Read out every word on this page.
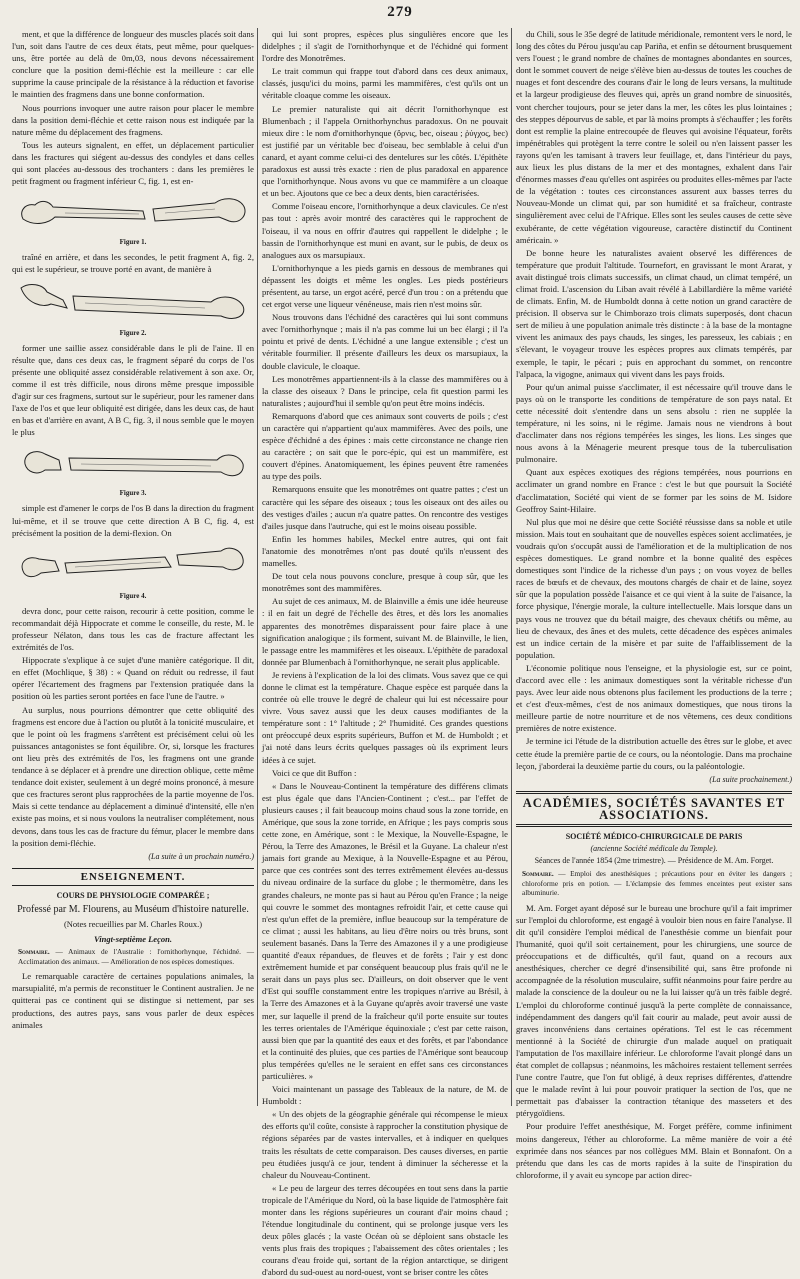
279

ment, et que la différence de longueur des muscles placés soit dans l'un, soit dans l'autre de ces deux états, peut même, pour quelques-uns, être portée au delà de 0m,03, nous devons nécessairement conclure que la position demi-fléchie est la meilleure : car elle supprime la cause principale de la résistance à la réduction et favorise le maintien des fragmens dans une bonne conformation.

Nous pourrions invoquer une autre raison pour placer le membre dans la position demi-fléchie et cette raison nous est indiquée par la nature même du déplacement des fragmens.

Tous les auteurs signalent, en effet, un déplacement particulier dans les fractures qui siégent au-dessus des condyles et dans celles qui sont placées au-dessous des trochanters : dans les premières le petit fragment ou fragment inférieur C, fig. 1, est en-

Figure 1.

traîné en arrière, et dans les secondes, le petit fragment A, fig. 2, qui est le supérieur, se trouve porté en avant, de manière à

Figure 2.

former une saillie assez considérable dans le pli de l'aine. Il en résulte que, dans ces deux cas, le fragment séparé du corps de l'os présente une obliquité assez considérable relativement à son axe. Or, comme il est très difficile, nous dirons même presque impossible d'agir sur ces fragmens, surtout sur le supérieur, pour les ramener dans l'axe de l'os et que leur obliquité est dirigée, dans les deux cas, de haut en bas et d'arrière en avant, A B C, fig. 3, il nous semble que le moyen le plus

Figure 3.

simple est d'amener le corps de l'os B dans la direction du fragment lui-même, et il se trouve que cette direction A B C, fig. 4, est précisément la position de la demi-flexion. On

Figure 4.

devra donc, pour cette raison, recourir à cette position, comme le recommandait déjà Hippocrate et comme le conseille, du reste, M. le professeur Nélaton, dans tous les cas de fracture affectant les extrémités de l'os.

Hippocrate s'explique à ce sujet d'une manière catégorique. Il dit, en effet (Mochlique, § 38) : « Quand on réduit ou redresse, il faut opérer l'écartement des fragmens par l'extension pratiquée dans la position où les parties seront portées en face l'une de l'autre. »

Au surplus, nous pourrions démontrer que cette obliquité des fragmens est encore due à l'action ou plutôt à la tonicité musculaire, et que le point où les fragmens s'arrêtent est précisément celui où les puissances antagonistes se font équilibre. Or, si, lorsque les fractures ont lieu près des extrémités de l'os, les fragmens ont une grande tendance à se déplacer et à prendre une direction oblique, cette même tendance doit exister, seulement à un degré moins prononcé, à mesure que ces fractures seront plus rapprochées de la partie moyenne de l'os. Mais si cette tendance au déplacement a diminué d'intensité, elle n'en existe pas moins, et si nous voulons la neutraliser complétement, nous devons, dans tous les cas de fracture du fémur, placer le membre dans la position demi-fléchie.

(La suite à un prochain numéro.)
ENSEIGNEMENT.
COURS DE PHYSIOLOGIE COMPARÉE ;
Professé par M. Flourens, au Muséum d'histoire naturelle.
(Notes recueillies par M. Charles Roux.)
Vingt-septième Leçon.

Sommaire. — Animaux de l'Australie : l'ornithorhynque, l'échidné. — Acclimatation des animaux. — Amélioration de nos espèces domestiques.

Le remarquable caractère de certaines populations animales, la marsupialité, m'a permis de reconstituer le Continent australien. Je ne quitterai pas ce continent qui se distingue si nettement, par ses productions, des autres pays, sans vous parler de deux espèces animales

qui lui sont propres, espèces plus singulières encore que les didelphes ; il s'agit de l'ornithorhynque et de l'échidné qui forment l'ordre des Monotrêmes.

Le trait commun qui frappe tout d'abord dans ces deux animaux, classés, jusqu'ici du moins, parmi les mammifères, c'est qu'ils ont un véritable cloaque comme les oiseaux.

Le premier naturaliste qui ait décrit l'ornithorhynque est Blumenbach ; il l'appela Ornithorhynchus paradoxus. On ne pouvait mieux dire : le nom d'ornithorhynque (ὄρνις, bec, oiseau ; ῥύγχος, bec) est justifié par un véritable bec d'oiseau, bec semblable à celui d'un canard, et ayant comme celui-ci des dentelures sur les côtés. L'épithète paradoxus est aussi très exacte : rien de plus paradoxal en apparence que l'ornithorhynque. Nous avons vu que ce mammifère a un cloaque et un bec. Ajoutons que ce bec a deux dents, bien caractérisées.

Comme l'oiseau encore, l'ornithorhynque a deux clavicules. Ce n'est pas tout : après avoir montré des caractères qui le rapprochent de l'oiseau, il va nous en offrir d'autres qui rappellent le didelphe ; le bassin de l'ornithorhynque est muni en avant, sur le pubis, de deux os analogues aux os marsupiaux.

L'ornithorhynque a les pieds garnis en dessous de membranes qui dépassent les doigts et même les ongles. Les pieds postérieurs présentent, au tarse, un ergot acéré, percé d'un trou : on a prétendu que cet ergot verse une liqueur vénéneuse, mais rien n'est moins sûr.

Nous trouvons dans l'échidné des caractères qui lui sont communs avec l'ornithorhynque ; mais il n'a pas comme lui un bec élargi ; il l'a pointu et privé de dents. L'échidné a une langue extensible ; c'est un véritable fourmilier. Il présente d'ailleurs les deux os marsupiaux, la double clavicule, le cloaque.

Les monotrêmes appartiennent-ils à la classe des mammifères ou à la classe des oiseaux ? Dans le principe, cela fit question parmi les naturalistes ; aujourd'hui il semble qu'on peut être moins indécis.

Remarquons d'abord que ces animaux sont couverts de poils ; c'est un caractère qui n'appartient qu'aux mammifères. Avec des poils, une espèce d'échidné a des épines : mais cette circonstance ne change rien au caractère ; on sait que le porc-épic, qui est un mammifère, est couvert d'épines. Anatomiquement, les épines peuvent être ramenées au type des poils.

Remarquons ensuite que les monotrêmes ont quatre pattes ; c'est un caractère qui les sépare des oiseaux ; tous les oiseaux ont des ailes ou des vestiges d'ailes ; aucun n'a quatre pattes. On rencontre des vestiges d'ailes jusque dans l'autruche, qui est le moins oiseau possible.

Enfin les hommes habiles, Meckel entre autres, qui ont fait l'anatomie des monotrêmes n'ont pas douté qu'ils n'eussent des mamelles.

De tout cela nous pouvons conclure, presque à coup sûr, que les monotrêmes sont des mammifères.

Au sujet de ces animaux, M. de Blainville a émis une idée heureuse : il en fait un degré de l'échelle des êtres, et dès lors les anomalies apparentes des monotrêmes disparaissent pour faire place à une signification analogique ; ils forment, suivant M. de Blainville, le lien, le passage entre les mammifères et les oiseaux. L'épithète de paradoxal donnée par Blumenbach à l'ornithorhynque, ne serait plus applicable.

Je reviens à l'explication de la loi des climats. Vous savez que ce qui donne le climat est la température. Chaque espèce est parquée dans la contrée où elle trouve le degré de chaleur qui lui est nécessaire pour vivre. Vous savez aussi que les deux causes modifiantes de la température sont : 1° l'altitude ; 2° l'humidité. Ces grandes questions ont préoccupé deux esprits supérieurs, Buffon et M. de Humboldt ; et j'ai noté dans leurs écrits quelques passages où ils expriment leurs idées à ce sujet.

Voici ce que dit Buffon :

« Dans le Nouveau-Continent la température des différens climats est plus égale que dans l'Ancien-Continent ; c'est... par l'effet de plusieurs causes ; il fait beaucoup moins chaud sous la zone torride, en Amérique, que sous la zone torride, en Afrique ; les pays compris sous cette zone, en Amérique, sont : le Mexique, la Nouvelle-Espagne, le Pérou, la Terre des Amazones, le Brésil et la Guyane. La chaleur n'est jamais fort grande au Mexique, à la Nouvelle-Espagne et au Pérou, parce que ces contrées sont des terres extrêmement élevées au-dessus du niveau ordinaire de la surface du globe ; le thermomètre, dans les grandes chaleurs, ne monte pas si haut au Pérou qu'en France ; la neige qui couvre le sommet des montagnes refroidit l'air, et cette cause qui n'est qu'un effet de la première, influe beaucoup sur la température de ce climat ; aussi les habitans, au lieu d'être noirs ou très bruns, sont seulement basanés. Dans la Terre des Amazones il y a une prodigieuse quantité d'eaux répandues, de fleuves et de forêts ; l'air y est donc extrêmement humide et par conséquent beaucoup plus frais qu'il ne le serait dans un pays plus sec. D'ailleurs, on doit observer que le vent d'Est qui souffle constamment entre les tropiques n'arrive au Brésil, à la Terre des Amazones et à la Guyane qu'après avoir traversé une vaste mer, sur laquelle il prend de la fraîcheur qu'il porte ensuite sur toutes les terres orientales de l'Amérique équinoxiale ; c'est par cette raison, aussi bien que par la quantité des eaux et des forêts, et par l'abondance et la continuité des pluies, que ces parties de l'Amérique sont beaucoup plus tempérées qu'elles ne le seraient en effet sans ces circonstances particulières. »

Voici maintenant un passage des Tableaux de la nature, de M. de Humboldt :

« Un des objets de la géographie générale qui récompense le mieux des efforts qu'il coûte, consiste à rapprocher la constitution physique de régions séparées par de vastes intervalles, et à indiquer en quelques traits les résultats de cette comparaison. Des causes diverses, en partie peu étudiées jusqu'à ce jour, tendent à diminuer la sécheresse et la chaleur du Nouveau-Continent.

« Le peu de largeur des terres découpées en tout sens dans la partie tropicale de l'Amérique du Nord, où la base liquide de l'atmosphère fait monter dans les régions supérieures un courant d'air moins chaud ; l'étendue longitudinale du continent, qui se prolonge jusque vers les deux pôles glacés ; la vaste Océan où se déploient sans obstacle les vents plus frais des tropiques ; l'abaissement des côtes orientales ; les courans d'eau froide qui, sortant de la région antarctique, se dirigent d'abord du sud-ouest au nord-ouest, vont se briser contre les côtes

du Chili, sous le 35e degré de latitude méridionale, remontent vers le nord, le long des côtes du Pérou jusqu'au cap Pariña, et enfin se détournent brusquement vers l'ouest ; le grand nombre de chaînes de montagnes abondantes en sources, dont le sommet couvert de neige s'élève bien au-dessus de toutes les couches de nuages et font descendre des courans d'air le long de leurs versans, la multitude et la largeur prodigieuse des fleuves qui, après un grand nombre de sinuosités, vont chercher toujours, pour se jeter dans la mer, les côtes les plus lointaines ; des steppes dépourvus de sable, et par là moins prompts à s'échauffer ; les forêts dont est remplie la plaine entrecoupée de fleuves qui avoisine l'équateur, forêts impénétrables qui protègent la terre contre le soleil ou n'en laissent passer les rayons qu'en les tamisant à travers leur feuillage, et, dans l'intérieur du pays, aux lieux les plus distans de la mer et des montagnes, exhalent dans l'air d'énormes masses d'eau qu'elles ont aspirées ou produites elles-mêmes par l'acte de la végétation : toutes ces circonstances assurent aux basses terres du Nouveau-Monde un climat qui, par son humidité et sa fraîcheur, contraste singulièrement avec celui de l'Afrique. Elles sont les seules causes de cette sève exubérante, de cette végétation vigoureuse, caractère distinctif du Continent américain. »

De bonne heure les naturalistes avaient observé les différences de température que produit l'altitude. Tournefort, en gravissant le mont Ararat, y avait distingué trois climats successifs, un climat chaud, un climat tempéré, un climat froid. L'ascension du Liban avait révélé à Labillardière la même variété de climats. Enfin, M. de Humboldt donna à cette notion un grand caractère de précision. Il observa sur le Chimborazo trois climats superposés, dont chacun sert de milieu à une population animale très distincte : à la base de la montagne vivent les animaux des pays chauds, les singes, les paresseux, les cabiais ; en s'élevant, le voyageur trouve les espèces propres aux climats tempérés, par exemple, le tapir, le pécari ; puis en approchant du sommet, on rencontre l'alpaca, la vigogne, animaux qui vivent dans les pays froids.

Pour qu'un animal puisse s'acclimater, il est nécessaire qu'il trouve dans le pays où on le transporte les conditions de température de son pays natal. Et cette nécessité doit s'entendre dans un sens absolu : rien ne supplée la température, ni les soins, ni le régime. Jamais nous ne viendrons à bout d'acclimater dans nos régions tempérées les singes, les lions. Les singes que nous avons à la Ménagerie meurent presque tous de la tuberculisation pulmonaire.

Quant aux espèces exotiques des régions tempérées, nous pourrions en acclimater un grand nombre en France : c'est le but que poursuit la Société d'acclimatation, Société qui vient de se former par les soins de M. Isidore Geoffroy Saint-Hilaire.

Nul plus que moi ne désire que cette Société réussisse dans sa noble et utile mission. Mais tout en souhaitant que de nouvelles espèces soient acclimatées, je voudrais qu'on s'occupât aussi de l'amélioration et de la multiplication de nos espèces domestiques. Le grand nombre et la bonne qualité des espèces domestiques sont l'indice de la richesse d'un pays ; on vous voyez de belles races de bœufs et de chevaux, des moutons chargés de chair et de laine, soyez sûr que la population possède l'aisance et ce qui vient à la suite de l'aisance, la force physique, l'énergie morale, la culture intellectuelle. Mais lorsque dans un pays vous ne trouvez que du bétail maigre, des chevaux chétifs ou même, au lieu de chevaux, des ânes et des mulets, cette décadence des espèces animales est un indice certain de la misère et par suite de l'affaiblissement de la population.

L'économie politique nous l'enseigne, et la physiologie est, sur ce point, d'accord avec elle : les animaux domestiques sont la véritable richesse d'un pays. Avec leur aide nous obtenons plus facilement les productions de la terre ; et c'est d'eux-mêmes, c'est de nos animaux domestiques, que nous tirons la meilleure partie de notre nourriture et de nos vêtemens, ces deux conditions premières de notre existence.

Je termine ici l'étude de la distribution actuelle des êtres sur le globe, et avec cette étude la première partie de ce cours, ou la néontologie. Dans ma prochaine leçon, j'aborderai la deuxième partie du cours, ou la paléontologie.

(La suite prochainement.)
ACADÉMIES, SOCIÉTÉS SAVANTES ET ASSOCIATIONS.
SOCIÉTÉ MÉDICO-CHIRURGICALE DE PARIS
(ancienne Société médicale du Temple).
Séances de l'année 1854 (2me trimestre). — Présidence de M. Am. Forget.

Sommaire. — Emploi des anesthésiques ; précautions pour en éviter les dangers ; chloroforme pris en potion. — L'éclampsie des femmes enceintes peut exister sans albuminurie.

M. Am. Forget ayant déposé sur le bureau une brochure qu'il a fait imprimer sur l'emploi du chloroforme, est engagé à vouloir bien nous en faire l'analyse. Il dit qu'il considère l'emploi médical de l'anesthésie comme un bienfait pour l'humanité, quoi qu'il soit certainement, pour les chirurgiens, une source de préoccupations et de difficultés, qu'il faut, quand on a recours aux anesthésiques, chercher ce degré d'insensibilité qui, sans être profonde ni accompagnée de la résolution musculaire, suffit néanmoins pour faire perdre au malade la conscience de la douleur ou ne la lui laisser qu'à un très faible degré. L'emploi du chloroforme continué jusqu'à la perte complète de connaissance, indépendamment des dangers qu'il fait courir au malade, peut avoir aussi de graves inconvéniens dans certaines opérations. Tel est le cas récemment mentionné à la Société de chirurgie d'un malade auquel on pratiquait l'amputation de l'os maxillaire inférieur. Le chloroforme l'avait plongé dans un état complet de collapsus ; néanmoins, les mâchoires restaient tellement serrées l'une contre l'autre, que l'on fut obligé, à deux reprises différentes, d'attendre que le malade revînt à lui pour pouvoir pratiquer la section de l'os, que ne permettait pas d'abaisser la contraction tétanique des masseters et des ptérygoïdiens.

Pour produire l'effet anesthésique, M. Forget préfère, comme infiniment moins dangereux, l'éther au chloroforme. La même manière de voir a été exprimée dans nos séances par nos collègues MM. Blain et Bonnafont. On a prétendu que dans les cas de morts rapides à la suite de l'inspiration du chloroforme, il y avait eu syncope par action direc-
